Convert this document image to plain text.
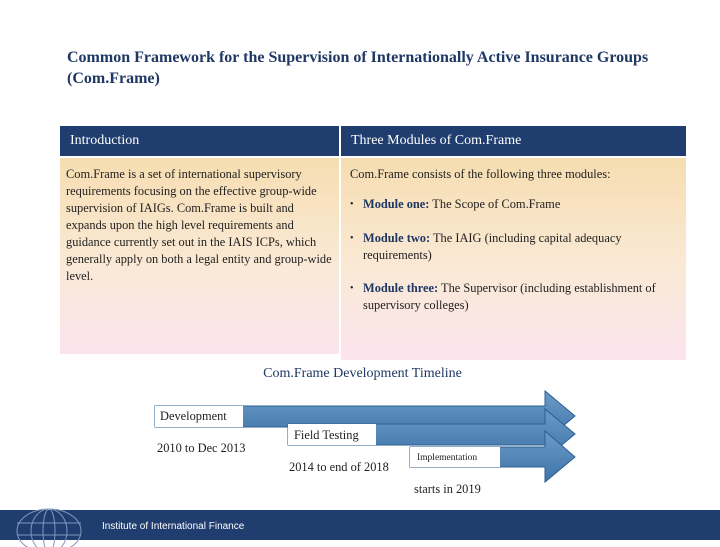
Common Framework for the Supervision of Internationally Active Insurance Groups (Com.Frame)
Introduction	Three Modules of Com.Frame
Com.Frame is a set of international supervisory requirements focusing on the effective group-wide supervision of IAIGs. Com.Frame is built and expands upon the high level requirements and guidance currently set out in the IAIS ICPs, which generally apply on both a legal entity and group-wide level.
Com.Frame consists of the following three modules:
• Module one: The Scope of Com.Frame
• Module two: The IAIG (including capital adequacy requirements)
• Module three: The Supervisor (including establishment of supervisory colleges)
Com.Frame Development Timeline
Development
2010 to Dec 2013
Field Testing
2014 to end of 2018
Implementation
starts in 2019
Institute of International Finance
